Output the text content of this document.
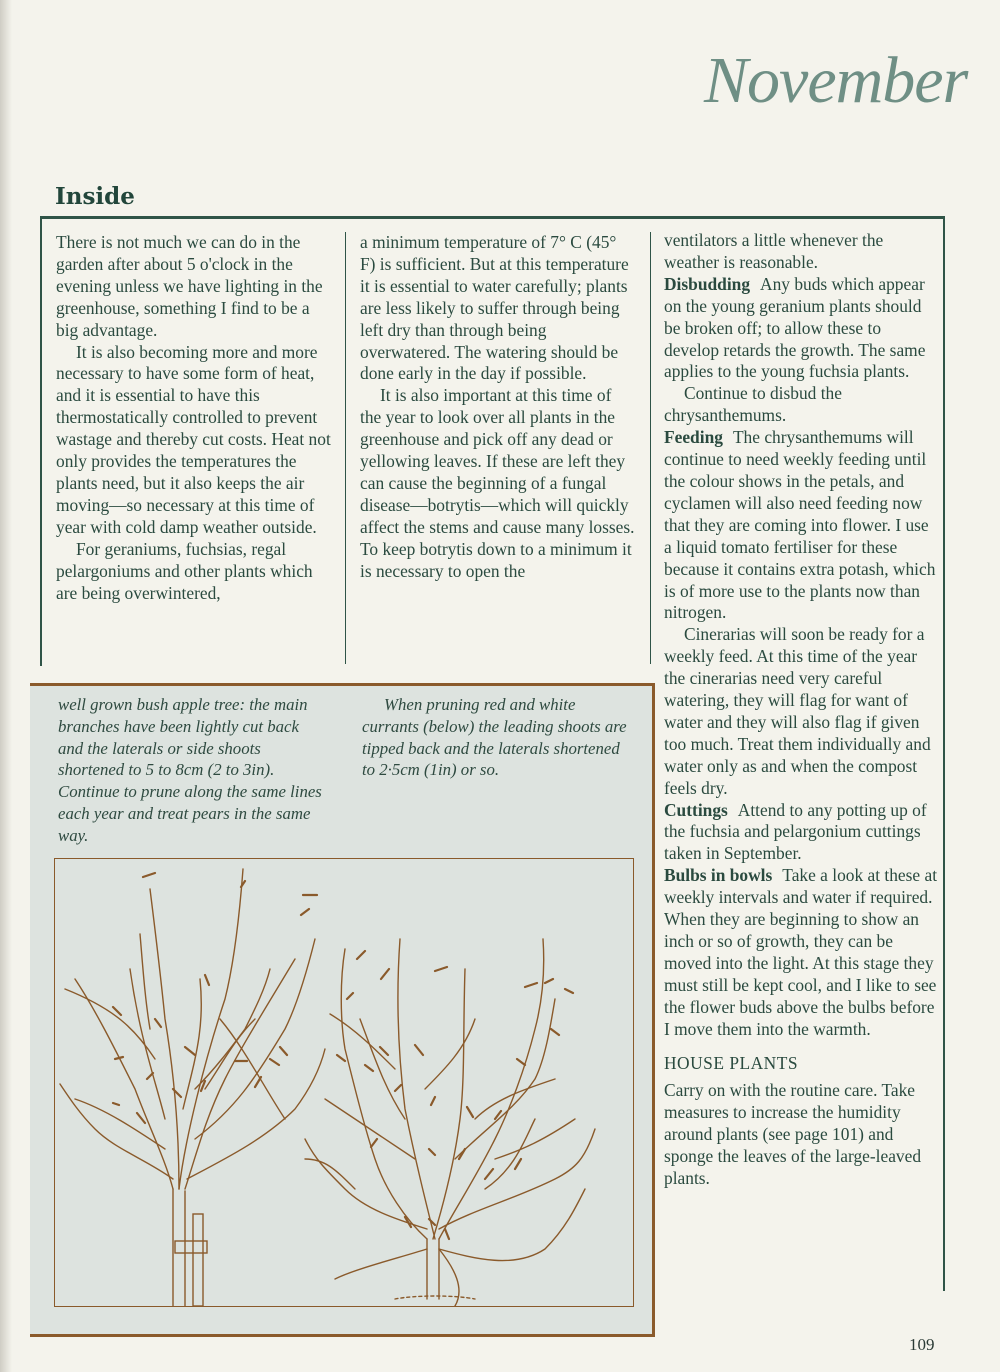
November
Inside

There is not much we can do in the garden after about 5 o'clock in the evening unless we have lighting in the greenhouse, something I find to be a big advantage.

It is also becoming more and more necessary to have some form of heat, and it is essential to have this thermostatically controlled to prevent wastage and thereby cut costs. Heat not only provides the temperatures the plants need, but it also keeps the air moving—so necessary at this time of year with cold damp weather outside.

For geraniums, fuchsias, regal pelargoniums and other plants which are being overwintered,

a minimum temperature of 7° C (45° F) is sufficient. But at this temperature it is essential to water carefully; plants are less likely to suffer through being left dry than through being overwatered. The watering should be done early in the day if possible.

It is also important at this time of the year to look over all plants in the greenhouse and pick off any dead or yellowing leaves. If these are left they can cause the beginning of a fungal disease—botrytis—which will quickly affect the stems and cause many losses. To keep botrytis down to a minimum it is necessary to open the

ventilators a little whenever the weather is reasonable.

Disbudding Any buds which appear on the young geranium plants should be broken off; to allow these to develop retards the growth. The same applies to the young fuchsia plants.

Continue to disbud the chrysanthemums.

Feeding The chrysanthemums will continue to need weekly feeding until the colour shows in the petals, and cyclamen will also need feeding now that they are coming into flower. I use a liquid tomato fertiliser for these because it contains extra potash, which is of more use to the plants now than nitrogen.

Cinerarias will soon be ready for a weekly feed. At this time of the year the cinerarias need very careful watering, they will flag for want of water and they will also flag if given too much. Treat them individually and water only as and when the compost feels dry.

Cuttings Attend to any potting up of the fuchsia and pelargonium cuttings taken in September.

Bulbs in bowls Take a look at these at weekly intervals and water if required. When they are beginning to show an inch or so of growth, they can be moved into the light. At this stage they must still be kept cool, and I like to see the flower buds above the bulbs before I move them into the warmth.

HOUSE PLANTS

Carry on with the routine care. Take measures to increase the humidity around plants (see page 101) and sponge the leaves of the large-leaved plants.

well grown bush apple tree: the main branches have been lightly cut back and the laterals or side shoots shortened to 5 to 8cm (2 to 3in). Continue to prune along the same lines each year and treat pears in the same way.
When pruning red and white currants (below) the leading shoots are tipped back and the laterals shortened to 2·5cm (1in) or so.
109
